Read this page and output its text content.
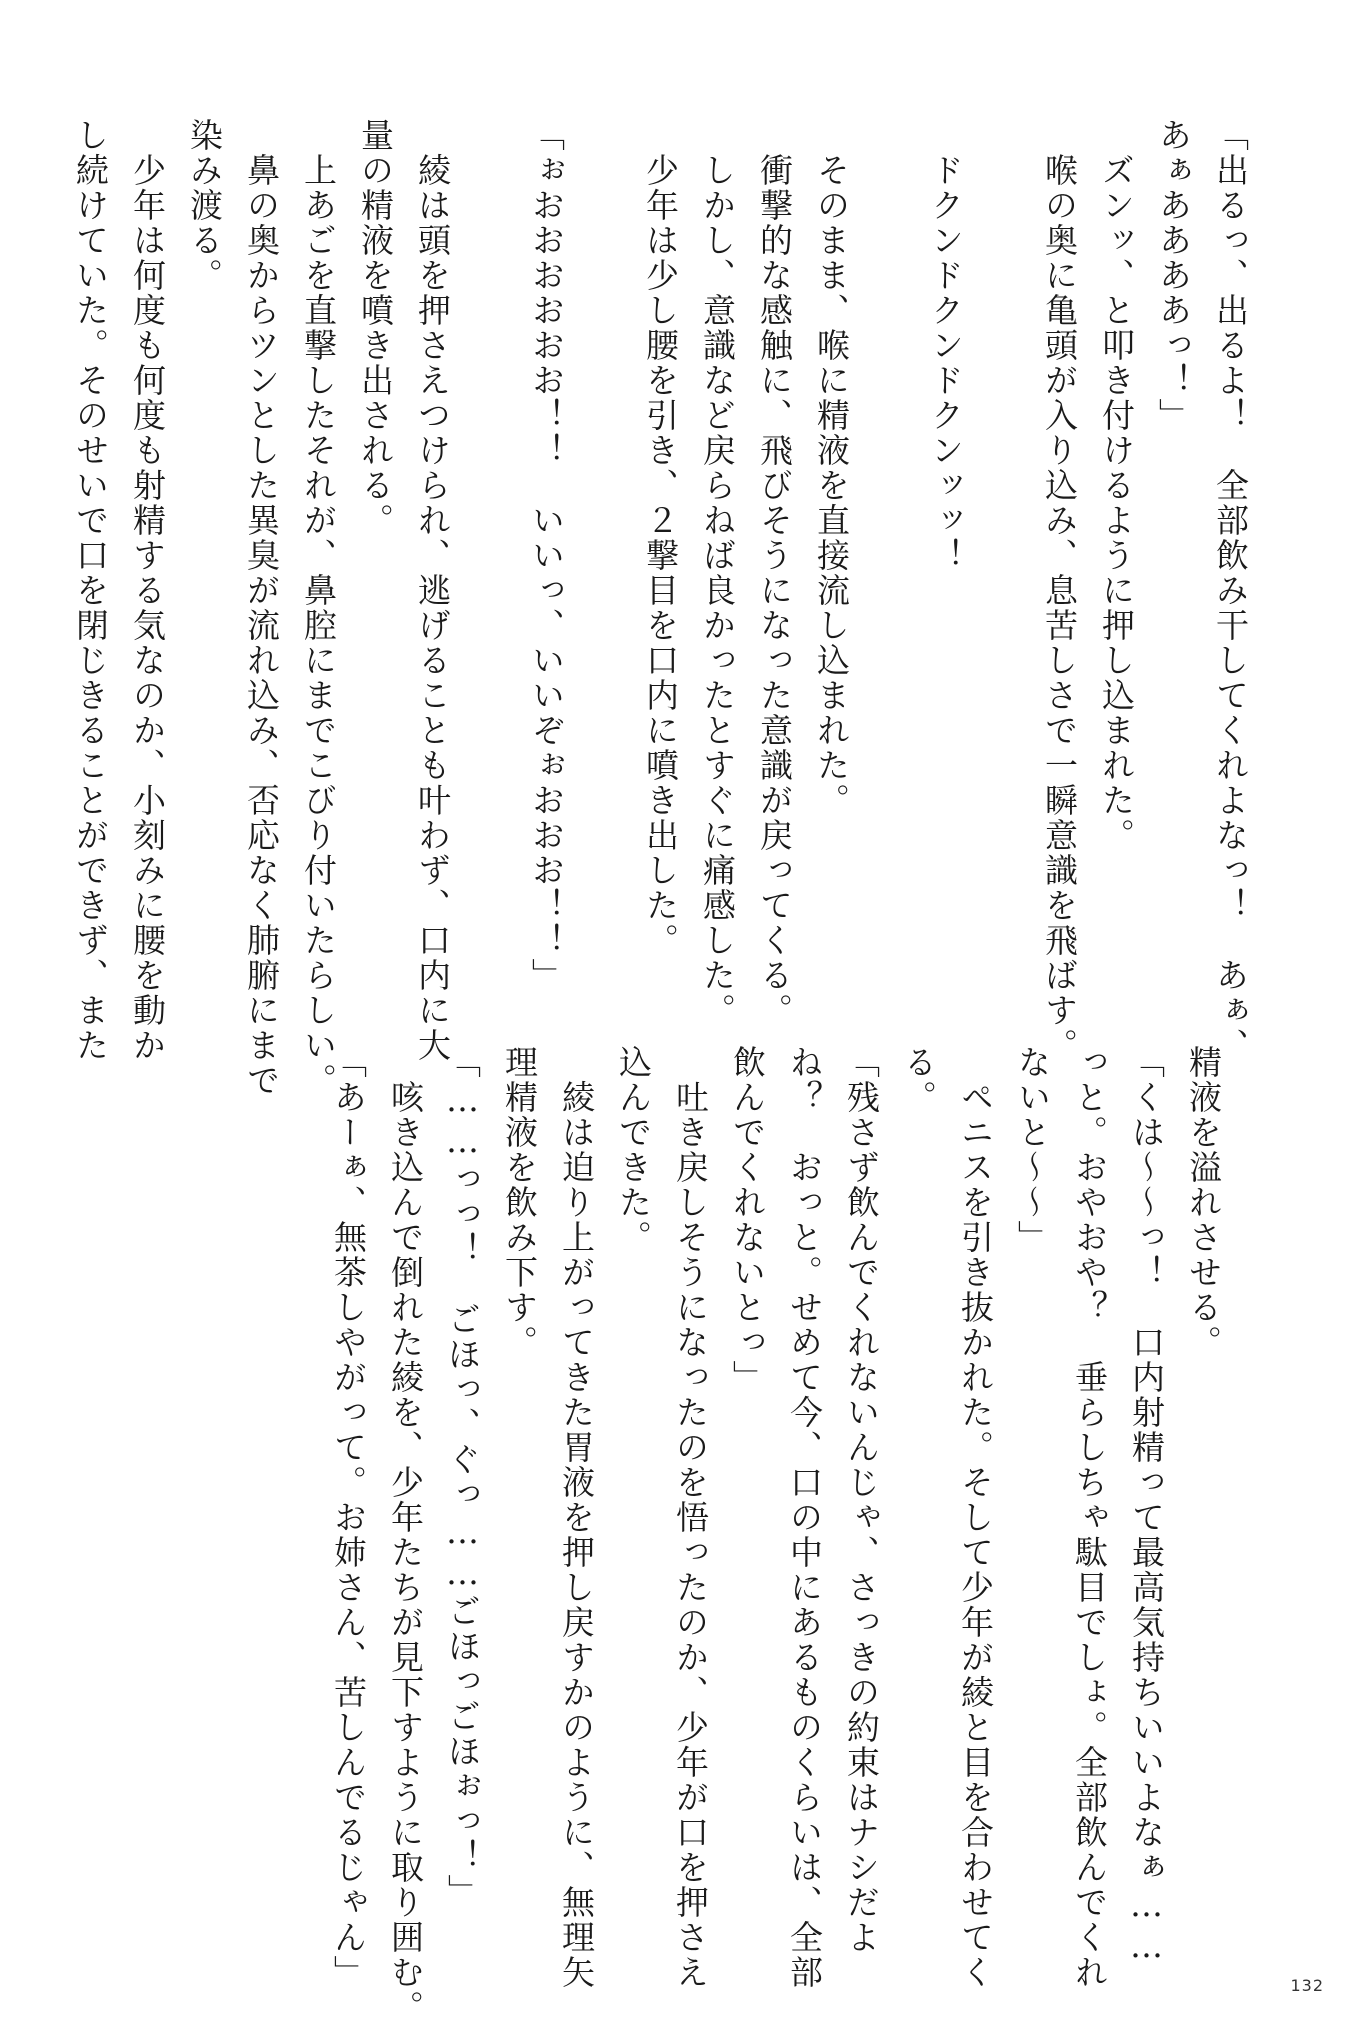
「出るっ、出るよ！　全部飲み干してくれよなっ！　あぁ、

あぁああああっ！」

　ズンッ、と叩き付けるように押し込まれた。

　喉の奥に亀頭が入り込み、息苦しさで一瞬意識を飛ばす。

　ドクンドクンドクンッッ！

　そのまま、喉に精液を直接流し込まれた。

　衝撃的な感触に、飛びそうになった意識が戻ってくる。

　しかし、意識など戻らねば良かったとすぐに痛感した。

　少年は少し腰を引き、２撃目を口内に噴き出した。

「ぉおおおおおお！！　いいっ、いいぞぉおおお！！」

　綾は頭を押さえつけられ、逃げることも叶わず、口内に大

量の精液を噴き出される。

　上あごを直撃したそれが、鼻腔にまでこびり付いたらしい。

　鼻の奥からツンとした異臭が流れ込み、否応なく肺腑にまで

染み渡る。

　少年は何度も何度も射精する気なのか、小刻みに腰を動か

し続けていた。そのせいで口を閉じきることができず、また

精液を溢れさせる。

「くは〜〜っ！　口内射精って最高気持ちいいよなぁ……

っと。おやおや？　垂らしちゃ駄目でしょ。全部飲んでくれ

ないと〜〜」

　ペニスを引き抜かれた。そして少年が綾と目を合わせてく

る。

「残さず飲んでくれないんじゃ、さっきの約束はナシだよ

ね？　おっと。せめて今、口の中にあるものくらいは、全部

飲んでくれないとっ」

　吐き戻しそうになったのを悟ったのか、少年が口を押さえ

込んできた。

　綾は迫り上がってきた胃液を押し戻すかのように、無理矢

理精液を飲み下す。

「……っっ！　ごほっ、ぐっ……ごほっごほぉっ！」

　咳き込んで倒れた綾を、少年たちが見下すように取り囲む。

「あーぁ、無茶しやがって。お姉さん、苦しんでるじゃん」	132
